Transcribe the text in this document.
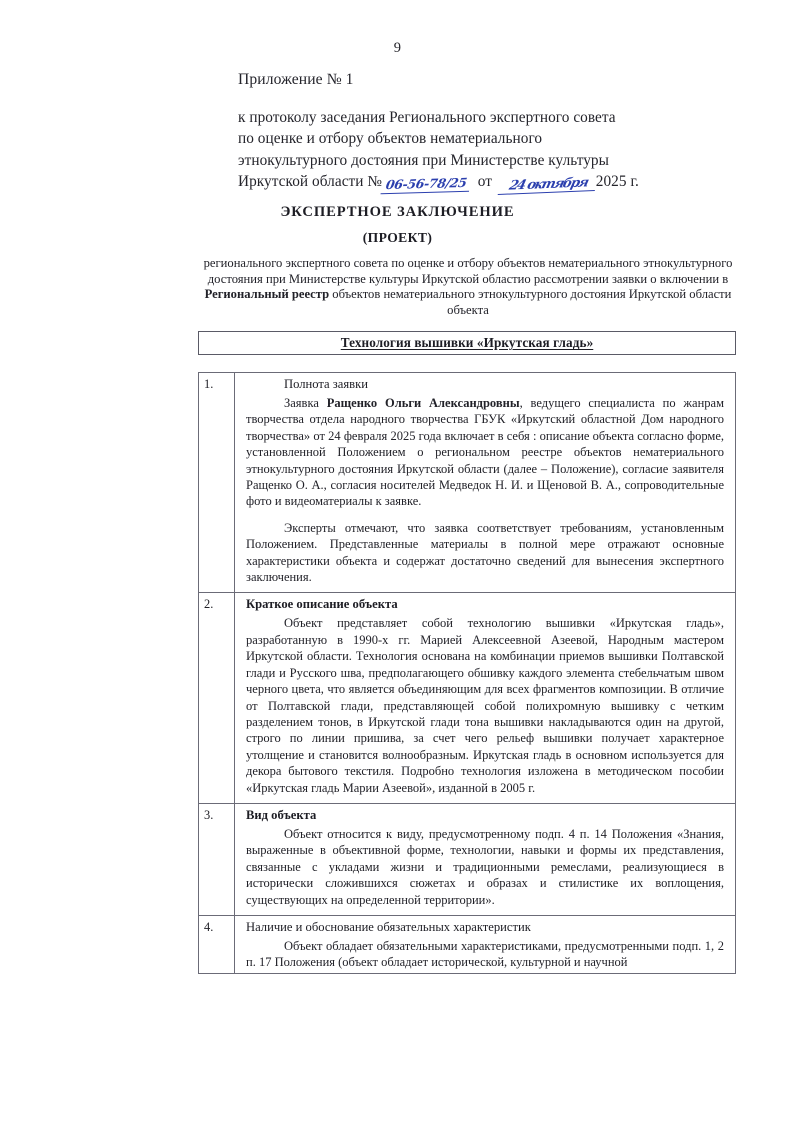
9
Приложение № 1
к протоколу заседания Регионального экспертного совета
по оценке и отбору объектов нематериального
этнокультурного достояния при Министерстве культуры

Иркутской области № 06-56-78/25 от 24 октября 2025 г.
ЭКСПЕРТНОЕ ЗАКЛЮЧЕНИЕ
(ПРОЕКТ)
регионального экспертного совета по оценке и отбору объектов нематериального этнокультурного достояния при Министерстве культуры Иркутской областио рассмотрении заявки о включении в Региональный реестр объектов нематериального этнокультурного достояния Иркутской области объекта
Технология вышивки «Иркутская гладь»
1.	Полнота заявки
Заявка Ращенко Ольги Александровны, ведущего специалиста по жанрам творчества отдела народного творчества ГБУК «Иркутский областной Дом народного творчества» от 24 февраля 2025 года включает в себя : описание объекта согласно форме, установленной Положением о региональном реестре объектов нематериального этнокультурного достояния Иркутской области (далее – Положение), согласие заявителя Ращенко О. А., согласия носителей Медведок Н. И. и Щеновой В. А., сопроводительные фото и видеоматериалы к заявке.
Эксперты отмечают, что заявка соответствует требованиям, установленным Положением. Представленные материалы в полной мере отражают основные характеристики объекта и содержат достаточно сведений для вынесения экспертного заключения.

2.	Краткое описание объекта
Объект представляет собой технологию вышивки «Иркутская гладь», разработанную в 1990-х гг. Марией Алексеевной Азеевой, Народным мастером Иркутской области. Технология основана на комбинации приемов вышивки Полтавской глади и Русского шва, предполагающего обшивку каждого элемента стебельчатым швом черного цвета, что является объединяющим для всех фрагментов композиции. В отличие от Полтавской глади, представляющей собой полихромную вышивку с четким разделением тонов, в Иркутской глади тона вышивки накладываются один на другой, строго по линии пришива, за счет чего рельеф вышивки получает характерное утолщение и становится волнообразным. Иркутская гладь в основном используется для декора бытового текстиля. Подробно технология изложена в методическом пособии «Иркутская гладь Марии Азеевой», изданной в 2005 г.

3.	Вид объекта
Объект относится к виду, предусмотренному подп. 4 п. 14 Положения «Знания, выраженные в объективной форме, технологии, навыки и формы их представления, связанные с укладами жизни и традиционными ремеслами, реализующиеся в исторически сложившихся сюжетах и образах и стилистике их воплощения, существующих на определенной территории».

4.	Наличие и обоснование обязательных характеристик
Объект обладает обязательными характеристиками, предусмотренными подп. 1, 2 п. 17 Положения (объект обладает исторической, культурной и научной
